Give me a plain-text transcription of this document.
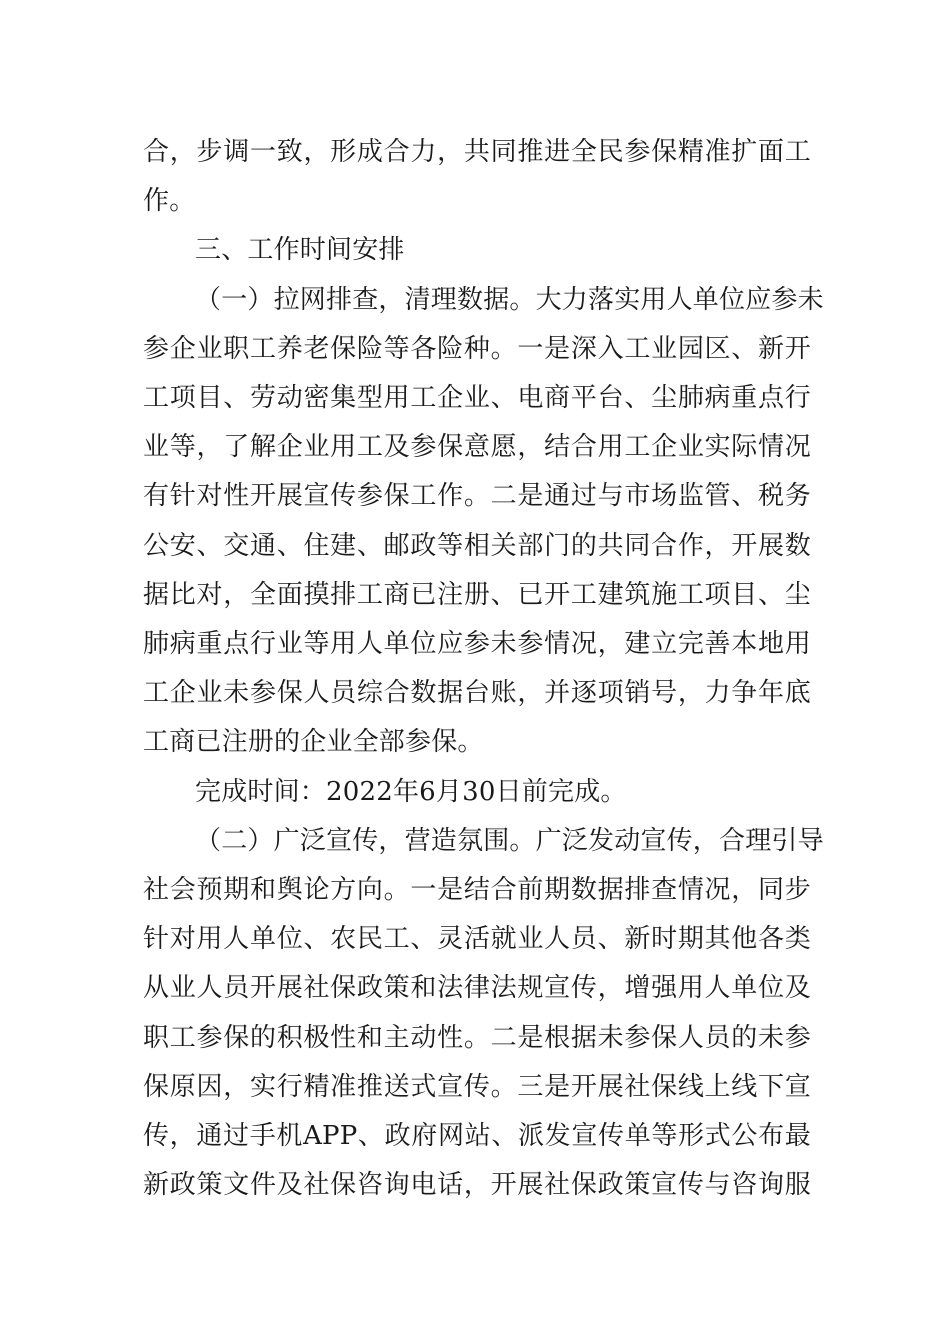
合，步调一致，形成合力，共同推进全民参保精准扩面工
作。

三、工作时间安排

（一）拉网排查，清理数据。大力落实用人单位应参未
参企业职工养老保险等各险种。一是深入工业园区、新开
工项目、劳动密集型用工企业、电商平台、尘肺病重点行
业等，了解企业用工及参保意愿，结合用工企业实际情况
有针对性开展宣传参保工作。二是通过与市场监管、税务
公安、交通、住建、邮政等相关部门的共同合作，开展数
据比对，全面摸排工商已注册、已开工建筑施工项目、尘
肺病重点行业等用人单位应参未参情况，建立完善本地用
工企业未参保人员综合数据台账，并逐项销号，力争年底
工商已注册的企业全部参保。

完成时间：2022年6月30日前完成。

（二）广泛宣传，营造氛围。广泛发动宣传，合理引导
社会预期和舆论方向。一是结合前期数据排查情况，同步
针对用人单位、农民工、灵活就业人员、新时期其他各类
从业人员开展社保政策和法律法规宣传，增强用人单位及
职工参保的积极性和主动性。二是根据未参保人员的未参
保原因，实行精准推送式宣传。三是开展社保线上线下宣
传，通过手机APP、政府网站、派发宣传单等形式公布最
新政策文件及社保咨询电话，开展社保政策宣传与咨询服
